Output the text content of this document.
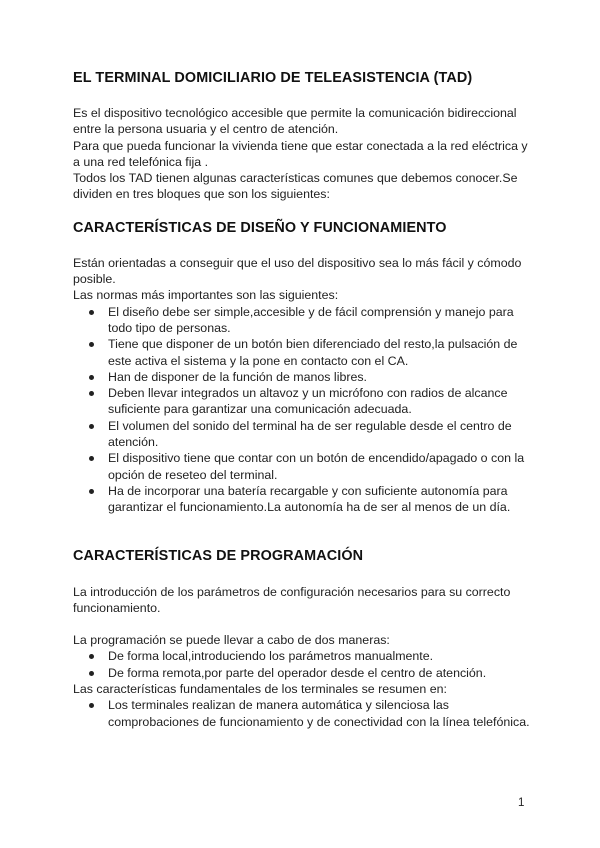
EL TERMINAL DOMICILIARIO DE TELEASISTENCIA (TAD)

Es el dispositivo tecnológico accesible que permite la comunicación bidireccional entre la persona usuaria y el centro de atención.

Para que pueda funcionar la vivienda tiene que estar conectada a la red eléctrica y a una red telefónica fija .

Todos los TAD tienen algunas características comunes que debemos conocer.Se dividen en tres bloques que son los siguientes:

CARACTERÍSTICAS DE DISEÑO Y FUNCIONAMIENTO

Están orientadas a conseguir que el uso del dispositivo sea lo más fácil y cómodo posible.

Las normas más importantes son las siguientes:

El diseño debe ser simple,accesible y de fácil comprensión y manejo para todo tipo de personas.
Tiene que disponer de un botón bien diferenciado del resto,la pulsación de este activa el sistema y la pone en contacto con el CA.
Han de disponer de la función de manos libres.
Deben llevar integrados un altavoz y un micrófono con radios de alcance suficiente para garantizar una comunicación adecuada.
El volumen del sonido del terminal ha de ser regulable desde el centro de atención.
El dispositivo tiene que contar con un botón de encendido/apagado o con la opción de reseteo del terminal.
Ha de incorporar una batería recargable y con suficiente autonomía para garantizar el funcionamiento.La autonomía ha de ser al menos de un día.
CARACTERÍSTICAS DE PROGRAMACIÓN

La introducción de los parámetros de configuración necesarios para su correcto funcionamiento.

La programación se puede llevar a cabo de dos maneras:

De forma local,introduciendo los parámetros manualmente.
De forma remota,por parte del operador desde el centro de atención.

Las características fundamentales de los terminales se resumen en:

Los terminales realizan de manera automática y silenciosa las comprobaciones de funcionamiento y de conectividad con la línea telefónica.
1
